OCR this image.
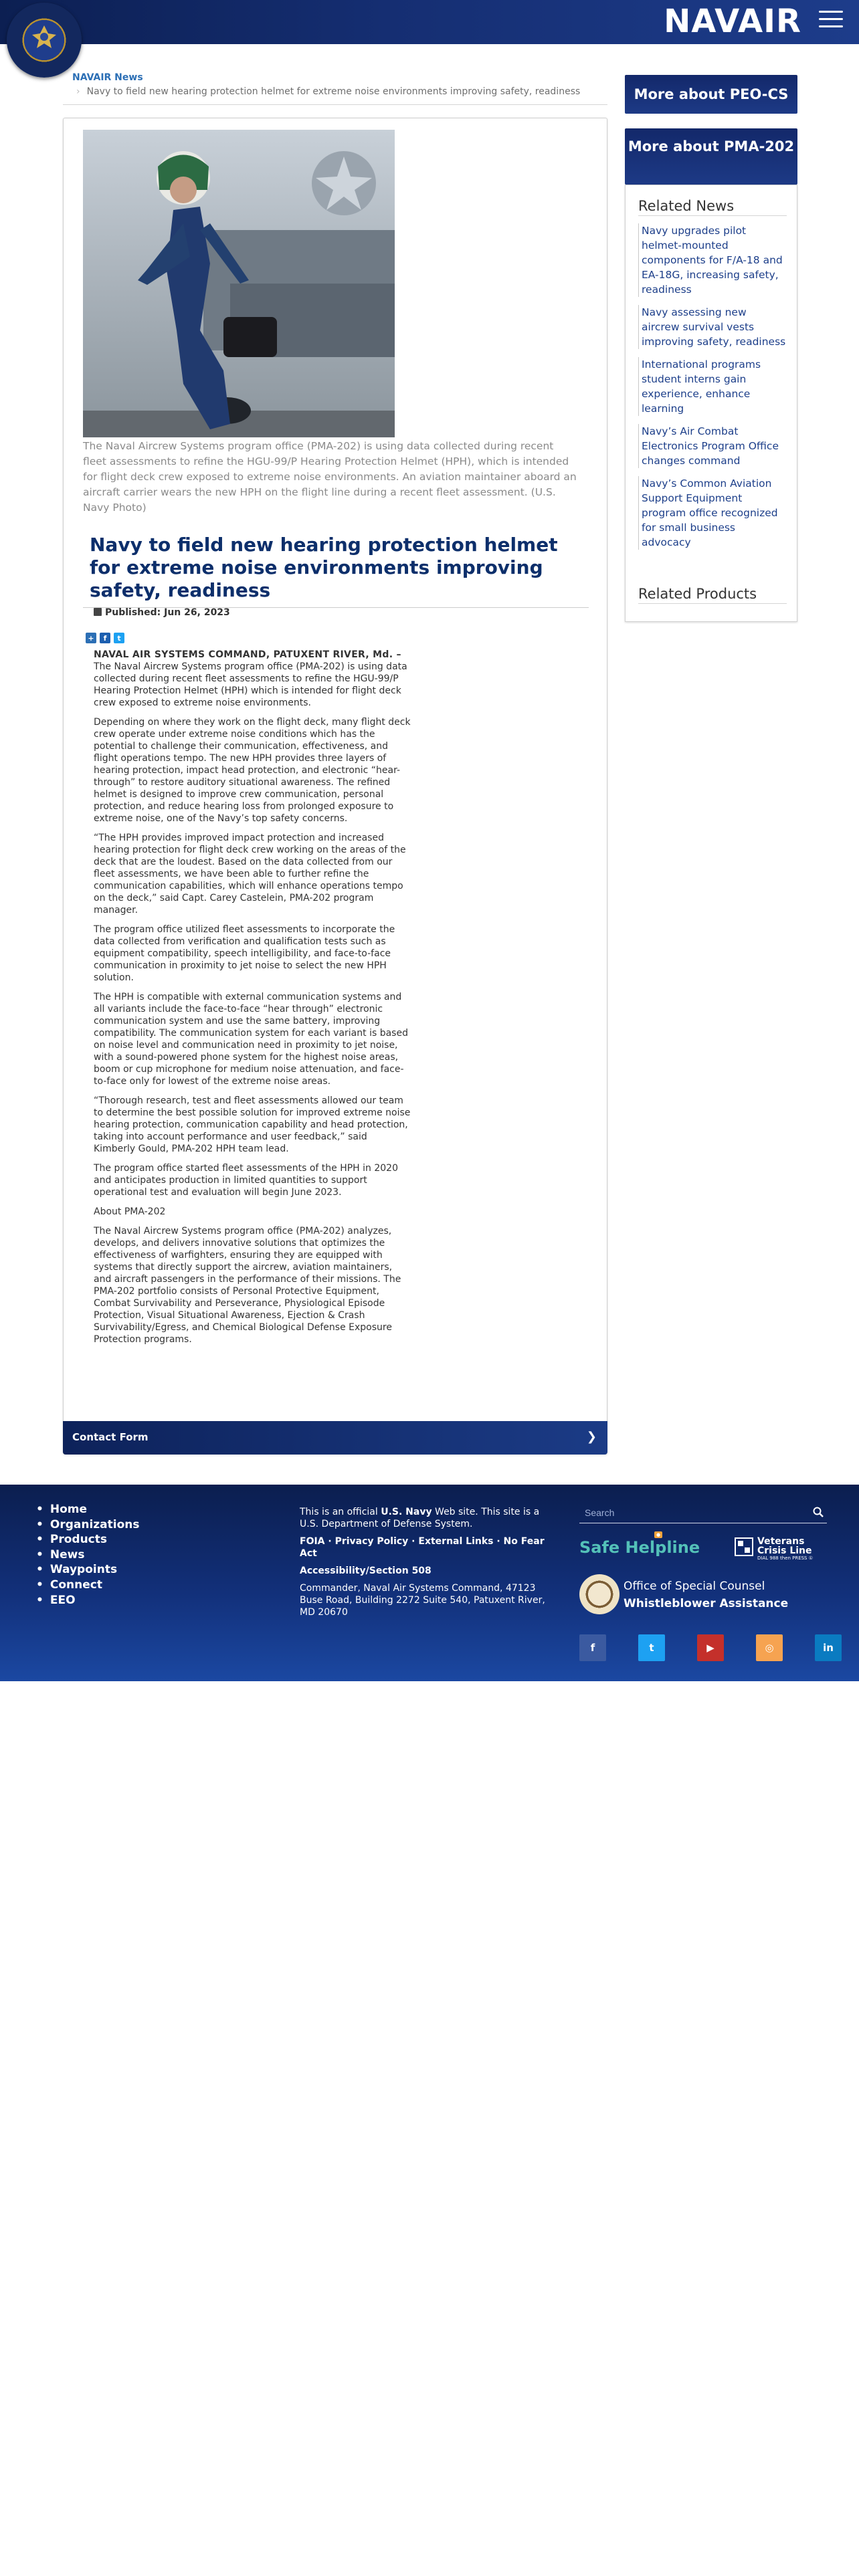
NAVAIR
NAVAIR News
› Navy to field new hearing protection helmet for extreme noise environments improving safety, readiness
The Naval Aircrew Systems program office (PMA-202) is using data collected during recent fleet assessments to refine the HGU-99/P Hearing Protection Helmet (HPH), which is intended for flight deck crew exposed to extreme noise environments. An aviation maintainer aboard an aircraft carrier wears the new HPH on the flight line during a recent fleet assessment. (U.S. Navy Photo)
Navy to field new hearing protection helmet for extreme noise environments improving safety, readiness
Published: Jun 26, 2023
+	f	t

NAVAL AIR SYSTEMS COMMAND, PATUXENT RIVER, Md. –

The Naval Aircrew Systems program office (PMA-202) is using data collected during recent fleet assessments to refine the HGU-99/P Hearing Protection Helmet (HPH) which is intended for flight deck crew exposed to extreme noise environments.

Depending on where they work on the flight deck, many flight deck crew operate under extreme noise conditions which has the potential to challenge their communication, effectiveness, and flight operations tempo. The new HPH provides three layers of hearing protection, impact head protection, and electronic “hear-through” to restore auditory situational awareness. The refined helmet is designed to improve crew communication, personal protection, and reduce hearing loss from prolonged exposure to extreme noise, one of the Navy’s top safety concerns.

“The HPH provides improved impact protection and increased hearing protection for flight deck crew working on the areas of the deck that are the loudest. Based on the data collected from our fleet assessments, we have been able to further refine the communication capabilities, which will enhance operations tempo on the deck,” said Capt. Carey Castelein, PMA-202 program manager.

The program office utilized fleet assessments to incorporate the data collected from verification and qualification tests such as equipment compatibility, speech intelligibility, and face-to-face communication in proximity to jet noise to select the new HPH solution.

The HPH is compatible with external communication systems and all variants include the face-to-face “hear through” electronic communication system and use the same battery, improving compatibility. The communication system for each variant is based on noise level and communication need in proximity to jet noise, with a sound-powered phone system for the highest noise areas, boom or cup microphone for medium noise attenuation, and face-to-face only for lowest of the extreme noise areas.

“Thorough research, test and fleet assessments allowed our team to determine the best possible solution for improved extreme noise hearing protection, communication capability and head protection, taking into account performance and user feedback,” said Kimberly Gould, PMA-202 HPH team lead.

The program office started fleet assessments of the HPH in 2020 and anticipates production in limited quantities to support operational test and evaluation will begin June 2023.

About PMA-202

The Naval Aircrew Systems program office (PMA-202) analyzes, develops, and delivers innovative solutions that optimizes the effectiveness of warfighters, ensuring they are equipped with systems that directly support the aircrew, aviation maintainers, and aircraft passengers in the performance of their missions. The PMA-202 portfolio consists of Personal Protective Equipment, Combat Survivability and Perseverance, Physiological Episode Protection, Visual Situational Awareness, Ejection & Crash Survivability/Egress, and Chemical Biological Defense Exposure Protection programs.

Contact Form	❯
More about PEO-CS
More about PMA-202
Related News
Navy upgrades pilot helmet-mounted components for F/A-18 and EA-18G, increasing safety, readiness
Navy assessing new aircrew survival vests improving safety, readiness
International programs student interns gain experience, enhance learning
Navy’s Air Combat Electronics Program Office changes command
Navy’s Common Aviation Support Equipment program office recognized for small business advocacy
Related Products
• Home
• Organizations
• Products
• News
• Waypoints
• Connect
• EEO

This is an official U.S. Navy Web site. This site is a U.S. Department of Defense System.

FOIA · Privacy Policy · External Links · No Fear Act

Accessibility/Section 508

Commander, Naval Air Systems Command, 47123 Buse Road, Building 2272 Suite 540, Patuxent River, MD 20670

Search
Safe Helpline
●
Veterans Crisis Line
DIAL 988 then PRESS ①
Office of Special Counsel
Whistleblower Assistance
f	t	▶	◎	in
